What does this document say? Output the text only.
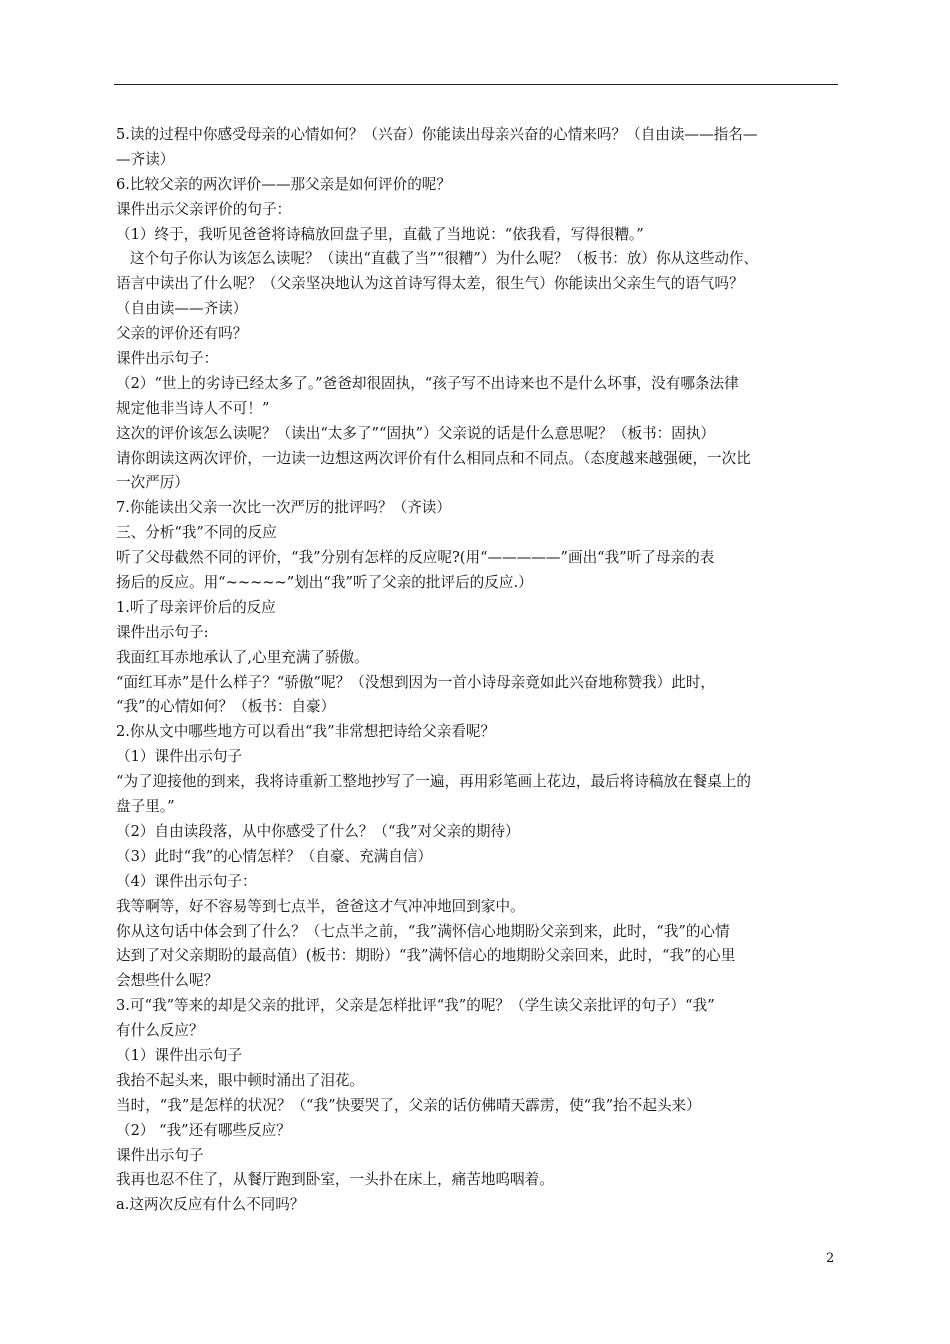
5.读的过程中你感受母亲的心情如何？（兴奋）你能读出母亲兴奋的心情来吗？（自由读——指名—
—齐读）
6.比较父亲的两次评价——那父亲是如何评价的呢？
课件出示父亲评价的句子：
（1）终于，我听见爸爸将诗稿放回盘子里，直截了当地说：“依我看，写得很糟。”
这个句子你认为该怎么读呢？（读出“直截了当”“很糟”）为什么呢？（板书：放）你从这些动作、
语言中读出了什么呢？（父亲坚决地认为这首诗写得太差，很生气）你能读出父亲生气的语气吗？
（自由读——齐读）
父亲的评价还有吗？
课件出示句子：
（2）“世上的劣诗已经太多了。”爸爸却很固执，“孩子写不出诗来也不是什么坏事，没有哪条法律
规定他非当诗人不可！”
这次的评价该怎么读呢？（读出“太多了”“固执”）父亲说的话是什么意思呢？（板书：固执）
请你朗读这两次评价，一边读一边想这两次评价有什么相同点和不同点。（态度越来越强硬，一次比
一次严厉）
7.你能读出父亲一次比一次严厉的批评吗？（齐读）
三、分析“我”不同的反应
听了父母截然不同的评价，“我”分别有怎样的反应呢?(用“—————”画出“我”听了母亲的表
扬后的反应。用“~~~~~”划出“我”听了父亲的批评后的反应.）
1.听了母亲评价后的反应
课件出示句子:
我面红耳赤地承认了,心里充满了骄傲。
“面红耳赤”是什么样子？“骄傲”呢？（没想到因为一首小诗母亲竟如此兴奋地称赞我）此时，
“我”的心情如何？（板书：自豪）
2.你从文中哪些地方可以看出“我”非常想把诗给父亲看呢？
（1）课件出示句子
“为了迎接他的到来，我将诗重新工整地抄写了一遍，再用彩笔画上花边，最后将诗稿放在餐桌上的
盘子里。”
（2）自由读段落，从中你感受了什么？（“我”对父亲的期待）
（3）此时“我”的心情怎样？（自豪、充满自信）
（4）课件出示句子：
我等啊等，好不容易等到七点半，爸爸这才气冲冲地回到家中。
你从这句话中体会到了什么？（七点半之前，“我”满怀信心地期盼父亲到来，此时，“我”的心情
达到了对父亲期盼的最高值）(板书：期盼）“我”满怀信心的地期盼父亲回来，此时，“我”的心里
会想些什么呢？
3.可“我”等来的却是父亲的批评，父亲是怎样批评“我”的呢？（学生读父亲批评的句子）“我”
有什么反应？
（1）课件出示句子
我抬不起头来，眼中顿时涌出了泪花。
当时，“我”是怎样的状况？（“我”快要哭了，父亲的话仿佛晴天霹雳，使“我”抬不起头来）
（2） “我”还有哪些反应？
课件出示句子
我再也忍不住了，从餐厅跑到卧室，一头扑在床上，痛苦地呜咽着。
a.这两次反应有什么不同吗？
2
